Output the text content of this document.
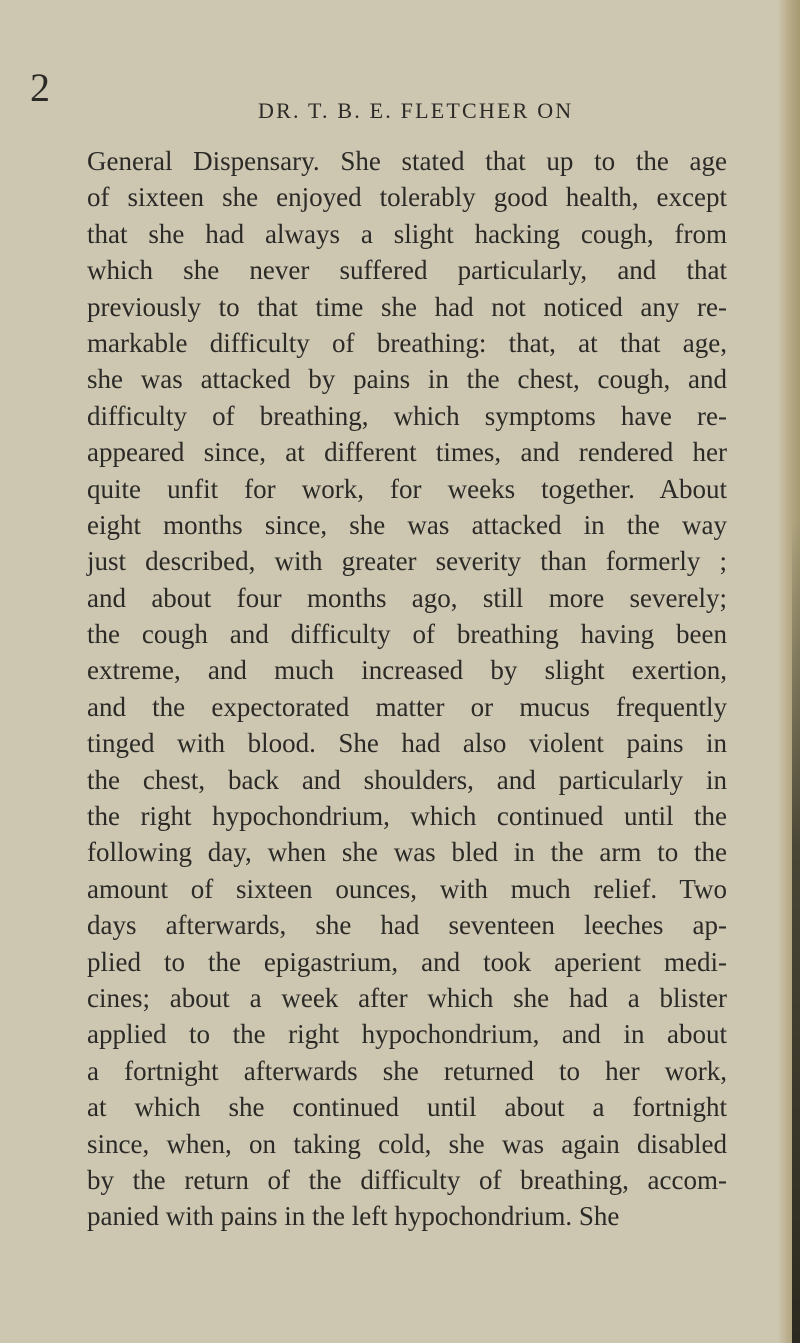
2
DR. T. B. E. FLETCHER ON
General Dispensary. She stated that up to the age
of sixteen she enjoyed tolerably good health, except
that she had always a slight hacking cough, from
which she never suffered particularly, and that
previously to that time she had not noticed any re-
markable difficulty of breathing: that, at that age,
she was attacked by pains in the chest, cough, and
difficulty of breathing, which symptoms have re-
appeared since, at different times, and rendered her
quite unfit for work, for weeks together. About
eight months since, she was attacked in the way
just described, with greater severity than formerly ;
and about four months ago, still more severely;
the cough and difficulty of breathing having been
extreme, and much increased by slight exertion,
and the expectorated matter or mucus frequently
tinged with blood. She had also violent pains in
the chest, back and shoulders, and particularly in
the right hypochondrium, which continued until the
following day, when she was bled in the arm to the
amount of sixteen ounces, with much relief. Two
days afterwards, she had seventeen leeches ap-
plied to the epigastrium, and took aperient medi-
cines; about a week after which she had a blister
applied to the right hypochondrium, and in about
a fortnight afterwards she returned to her work,
at which she continued until about a fortnight
since, when, on taking cold, she was again disabled
by the return of the difficulty of breathing, accom-
panied with pains in the left hypochondrium. She
